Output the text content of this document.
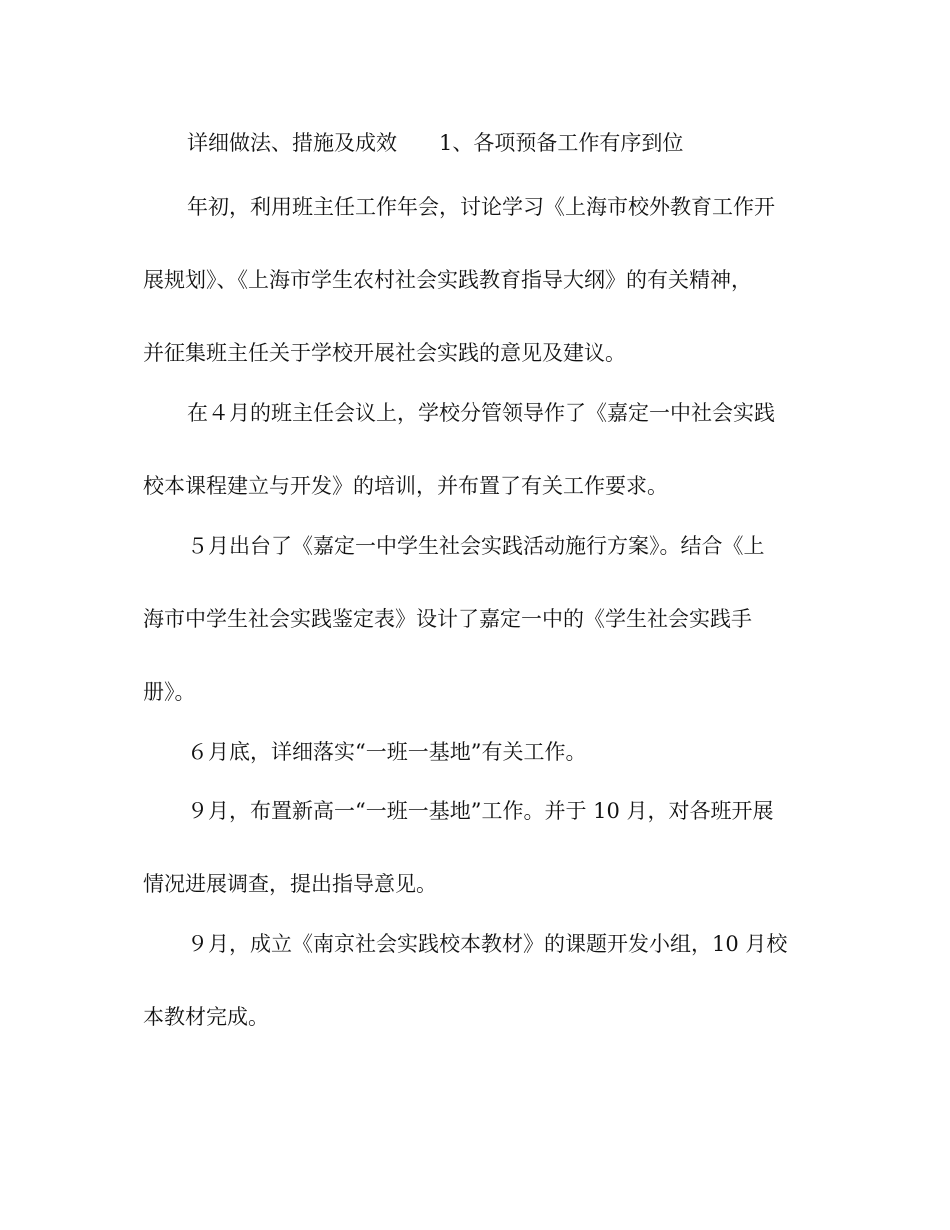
详细做法、措施及成效　　1、各项预备工作有序到位

年初，利用班主任工作年会，讨论学习《上海市校外教育工作开
展规划》、《上海市学生农村社会实践教育指导大纲》的有关精神，
并征集班主任关于学校开展社会实践的意见及建议。

在４月的班主任会议上，学校分管领导作了《嘉定一中社会实践
校本课程建立与开发》的培训，并布置了有关工作要求。

５月出台了《嘉定一中学生社会实践活动施行方案》。结合《上
海市中学生社会实践鉴定表》设计了嘉定一中的《学生社会实践手
册》。

６月底，详细落实“一班一基地”有关工作。

９月，布置新高一“一班一基地”工作。并于 10 月，对各班开展
情况进展调查，提出指导意见。

９月，成立《南京社会实践校本教材》的课题开发小组，10 月校
本教材完成。
